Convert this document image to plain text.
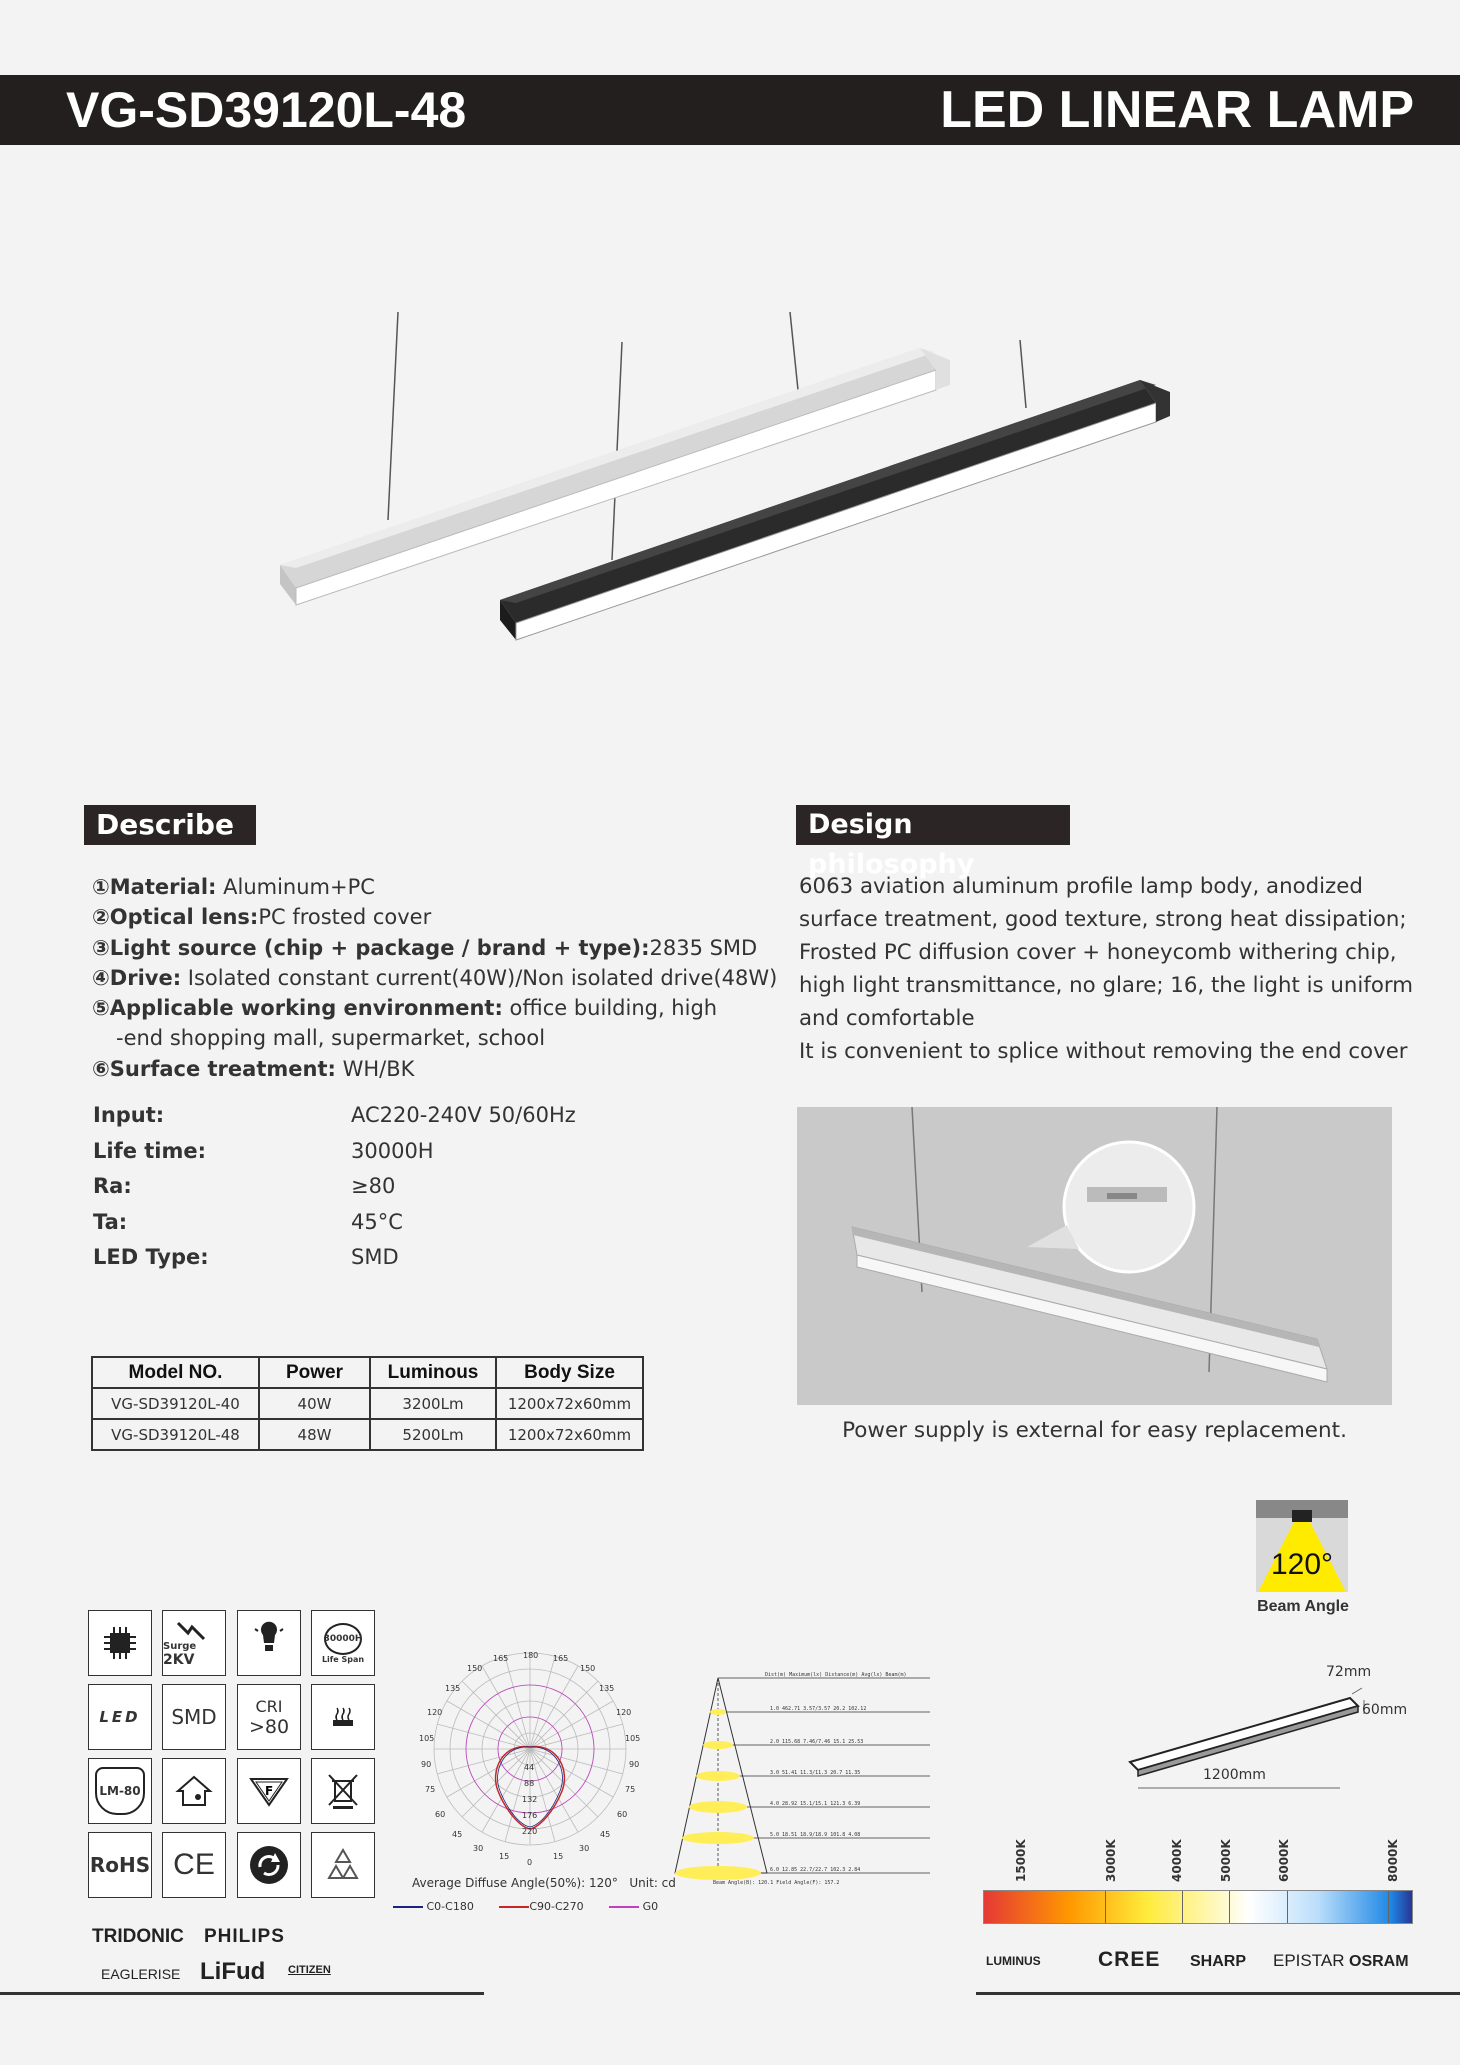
VG-SD39120L-48	LED LINEAR LAMP
Describe
①Material: Aluminum+PC
②Optical lens:PC frosted cover
③Light source (chip + package / brand + type):2835 SMD
④Drive: Isolated constant current(40W)/Non isolated drive(48W)
⑤Applicable working environment: office building, high
-end shopping mall, supermarket, school
⑥Surface treatment: WH/BK
Input:	AC220-240V 50/60Hz
Life time:	30000H
Ra:	≥80
Ta:	45°C
LED Type:	SMD
Model NO.	Power	Luminous	Body Size
VG-SD39120L-40	40W	3200Lm	1200x72x60mm
VG-SD39120L-48	48W	5200Lm	1200x72x60mm
Design philosophy
6063 aviation aluminum profile lamp body, anodized
surface treatment, good texture, strong heat dissipation;
Frosted PC diffusion cover + honeycomb withering chip,
high light transmittance, no glare; 16, the light is uniform
and comfortable
It is convenient to splice without removing the end cover
Power supply is external for easy replacement.
Surge 2KV
30000H
Life Span
LED	SMD	CRI
>80
LM-80	F
RoHS CE
165 180 165
150
135
120
105
90
75
60
45
30
15
150
135
120
105
90
75
60
45
30
15
0
44
88
132
176
220
Average Diffuse Angle(50%): 120° Unit: cd
C0-C180	C90-C270	G0
Dist(m) Maximum(lx) Distance(m) Avg(lx) Beam(m)
1.0 462.71 3.57/3.57 20.2 102.12
2.0 115.68 7.46/7.46 15.1 25.53
3.0 51.41 11.3/11.3 20.7 11.35
4.0 28.92 15.1/15.1 121.3 6.39
5.0 18.51 18.9/18.9 101.8 4.08
6.0 12.85 22.7/22.7 102.3 2.84
Beam Angle(B): 120.1 Field Angle(F): 157.2
120°
Beam Angle
72mm
60mm
1200mm
1500K	3000K	4000K	5000K	6000K	8000K
TRIDONIC PHILIPS
EAGLERISE LiFud CITIZEN
LUMINUS	CREE SHARP EPISTAR OSRAM
